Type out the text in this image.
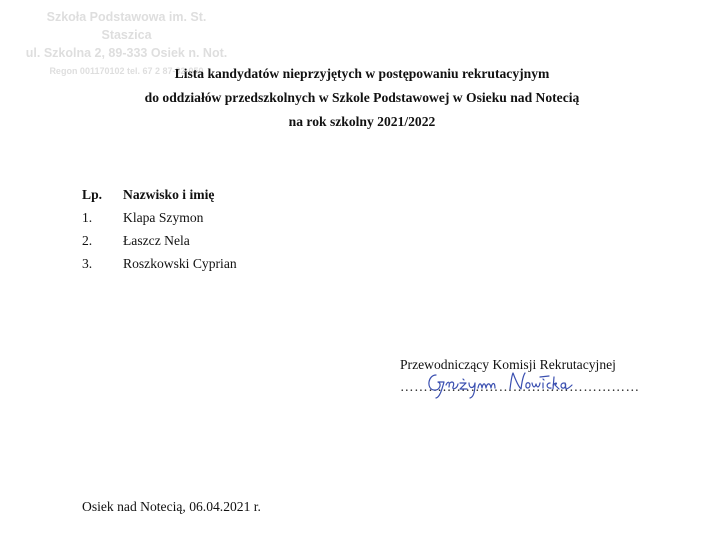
Szkoła Podstawowa im. St. Staszica
ul. Szkolna 2, 89-333 Osiek n. Not.
Regon 001170102 tel. 67 2 87-82-050
Lista kandydatów nieprzyjętych w postępowaniu rekrutacyjnym
do oddziałów przedszkolnych w Szkole Podstawowej w Osieku nad Notecią
na rok szkolny 2021/2022
Lp.	Nazwisko i imię
1.	Klapa Szymon
2.	Łaszcz Nela
3.	Roszkowski Cyprian
Przewodniczący Komisji Rekrutacyjnej
……………………………………………
Osiek nad Notecią, 06.04.2021 r.
